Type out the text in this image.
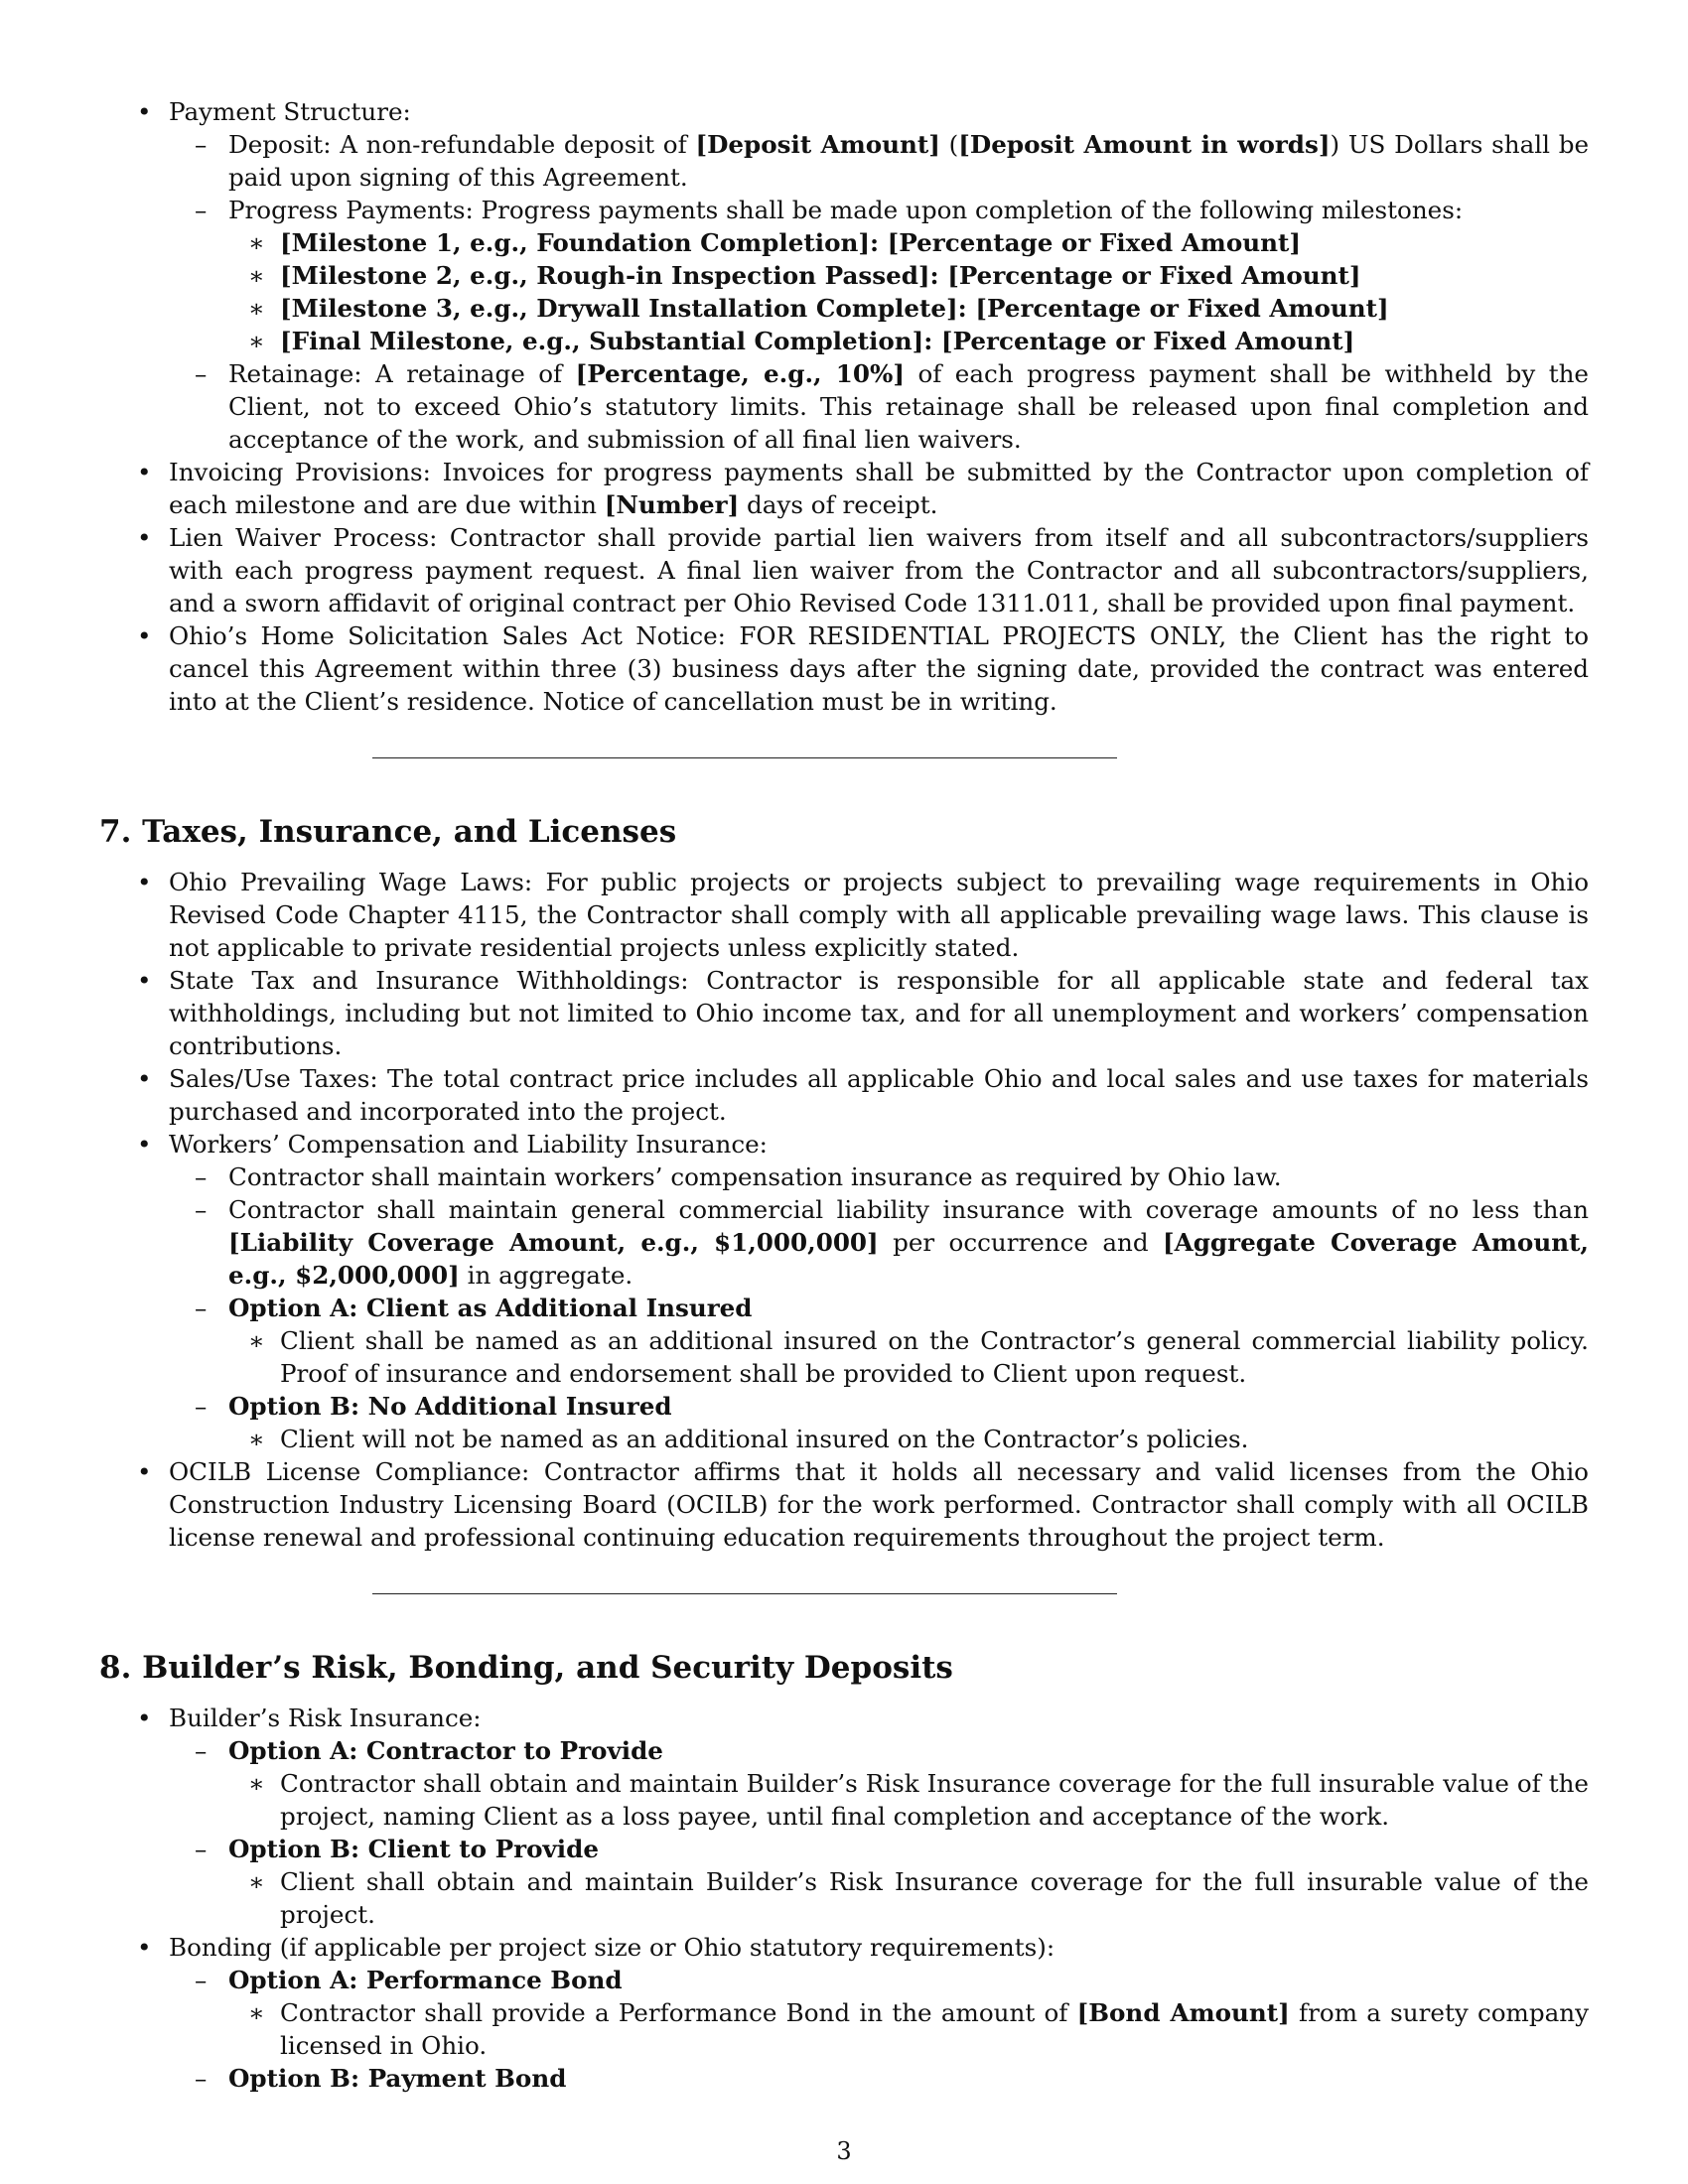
• Payment Structure:
– Deposit: A non-refundable deposit of [Deposit Amount] ([Deposit Amount in words]) US Dollars shall be paid upon signing of this Agreement.
– Progress Payments: Progress payments shall be made upon completion of the following milestones:
∗ [Milestone 1, e.g., Foundation Completion]: [Percentage or Fixed Amount]
∗ [Milestone 2, e.g., Rough-in Inspection Passed]: [Percentage or Fixed Amount]
∗ [Milestone 3, e.g., Drywall Installation Complete]: [Percentage or Fixed Amount]
∗ [Final Milestone, e.g., Substantial Completion]: [Percentage or Fixed Amount]
– Retainage: A retainage of [Percentage, e.g., 10%] of each progress payment shall be withheld by the Client, not to exceed Ohio’s statutory limits. This retainage shall be released upon final completion and acceptance of the work, and submission of all final lien waivers.
• Invoicing Provisions: Invoices for progress payments shall be submitted by the Contractor upon completion of each milestone and are due within [Number] days of receipt.
• Lien Waiver Process: Contractor shall provide partial lien waivers from itself and all subcontractors/suppliers with each progress payment request. A final lien waiver from the Contractor and all subcontractors/suppliers, and a sworn affidavit of original contract per Ohio Revised Code 1311.011, shall be provided upon final payment.
• Ohio’s Home Solicitation Sales Act Notice: FOR RESIDENTIAL PROJECTS ONLY, the Client has the right to cancel this Agreement within three (3) business days after the signing date, provided the contract was entered into at the Client’s residence. Notice of cancellation must be in writing.
7. Taxes, Insurance, and Licenses
• Ohio Prevailing Wage Laws: For public projects or projects subject to prevailing wage requirements in Ohio Revised Code Chapter 4115, the Contractor shall comply with all applicable prevailing wage laws. This clause is not applicable to private residential projects unless explicitly stated.
• State Tax and Insurance Withholdings: Contractor is responsible for all applicable state and federal tax withholdings, including but not limited to Ohio income tax, and for all unemployment and workers’ compensation contributions.
• Sales/Use Taxes: The total contract price includes all applicable Ohio and local sales and use taxes for materials purchased and incorporated into the project.
• Workers’ Compensation and Liability Insurance:
– Contractor shall maintain workers’ compensation insurance as required by Ohio law.
– Contractor shall maintain general commercial liability insurance with coverage amounts of no less than [Liability Coverage Amount, e.g., $1,000,000] per occurrence and [Aggregate Coverage Amount, e.g., $2,000,000] in aggregate.
– Option A: Client as Additional Insured
∗ Client shall be named as an additional insured on the Contractor’s general commercial liability policy. Proof of insurance and endorsement shall be provided to Client upon request.
– Option B: No Additional Insured
∗ Client will not be named as an additional insured on the Contractor’s policies.
• OCILB License Compliance: Contractor affirms that it holds all necessary and valid licenses from the Ohio Construction Industry Licensing Board (OCILB) for the work performed. Contractor shall comply with all OCILB license renewal and professional continuing education requirements throughout the project term.
8. Builder’s Risk, Bonding, and Security Deposits
• Builder’s Risk Insurance:
– Option A: Contractor to Provide
∗ Contractor shall obtain and maintain Builder’s Risk Insurance coverage for the full insurable value of the project, naming Client as a loss payee, until final completion and acceptance of the work.
– Option B: Client to Provide
∗ Client shall obtain and maintain Builder’s Risk Insurance coverage for the full insurable value of the project.
• Bonding (if applicable per project size or Ohio statutory requirements):
– Option A: Performance Bond
∗ Contractor shall provide a Performance Bond in the amount of [Bond Amount] from a surety company licensed in Ohio.
– Option B: Payment Bond
3
